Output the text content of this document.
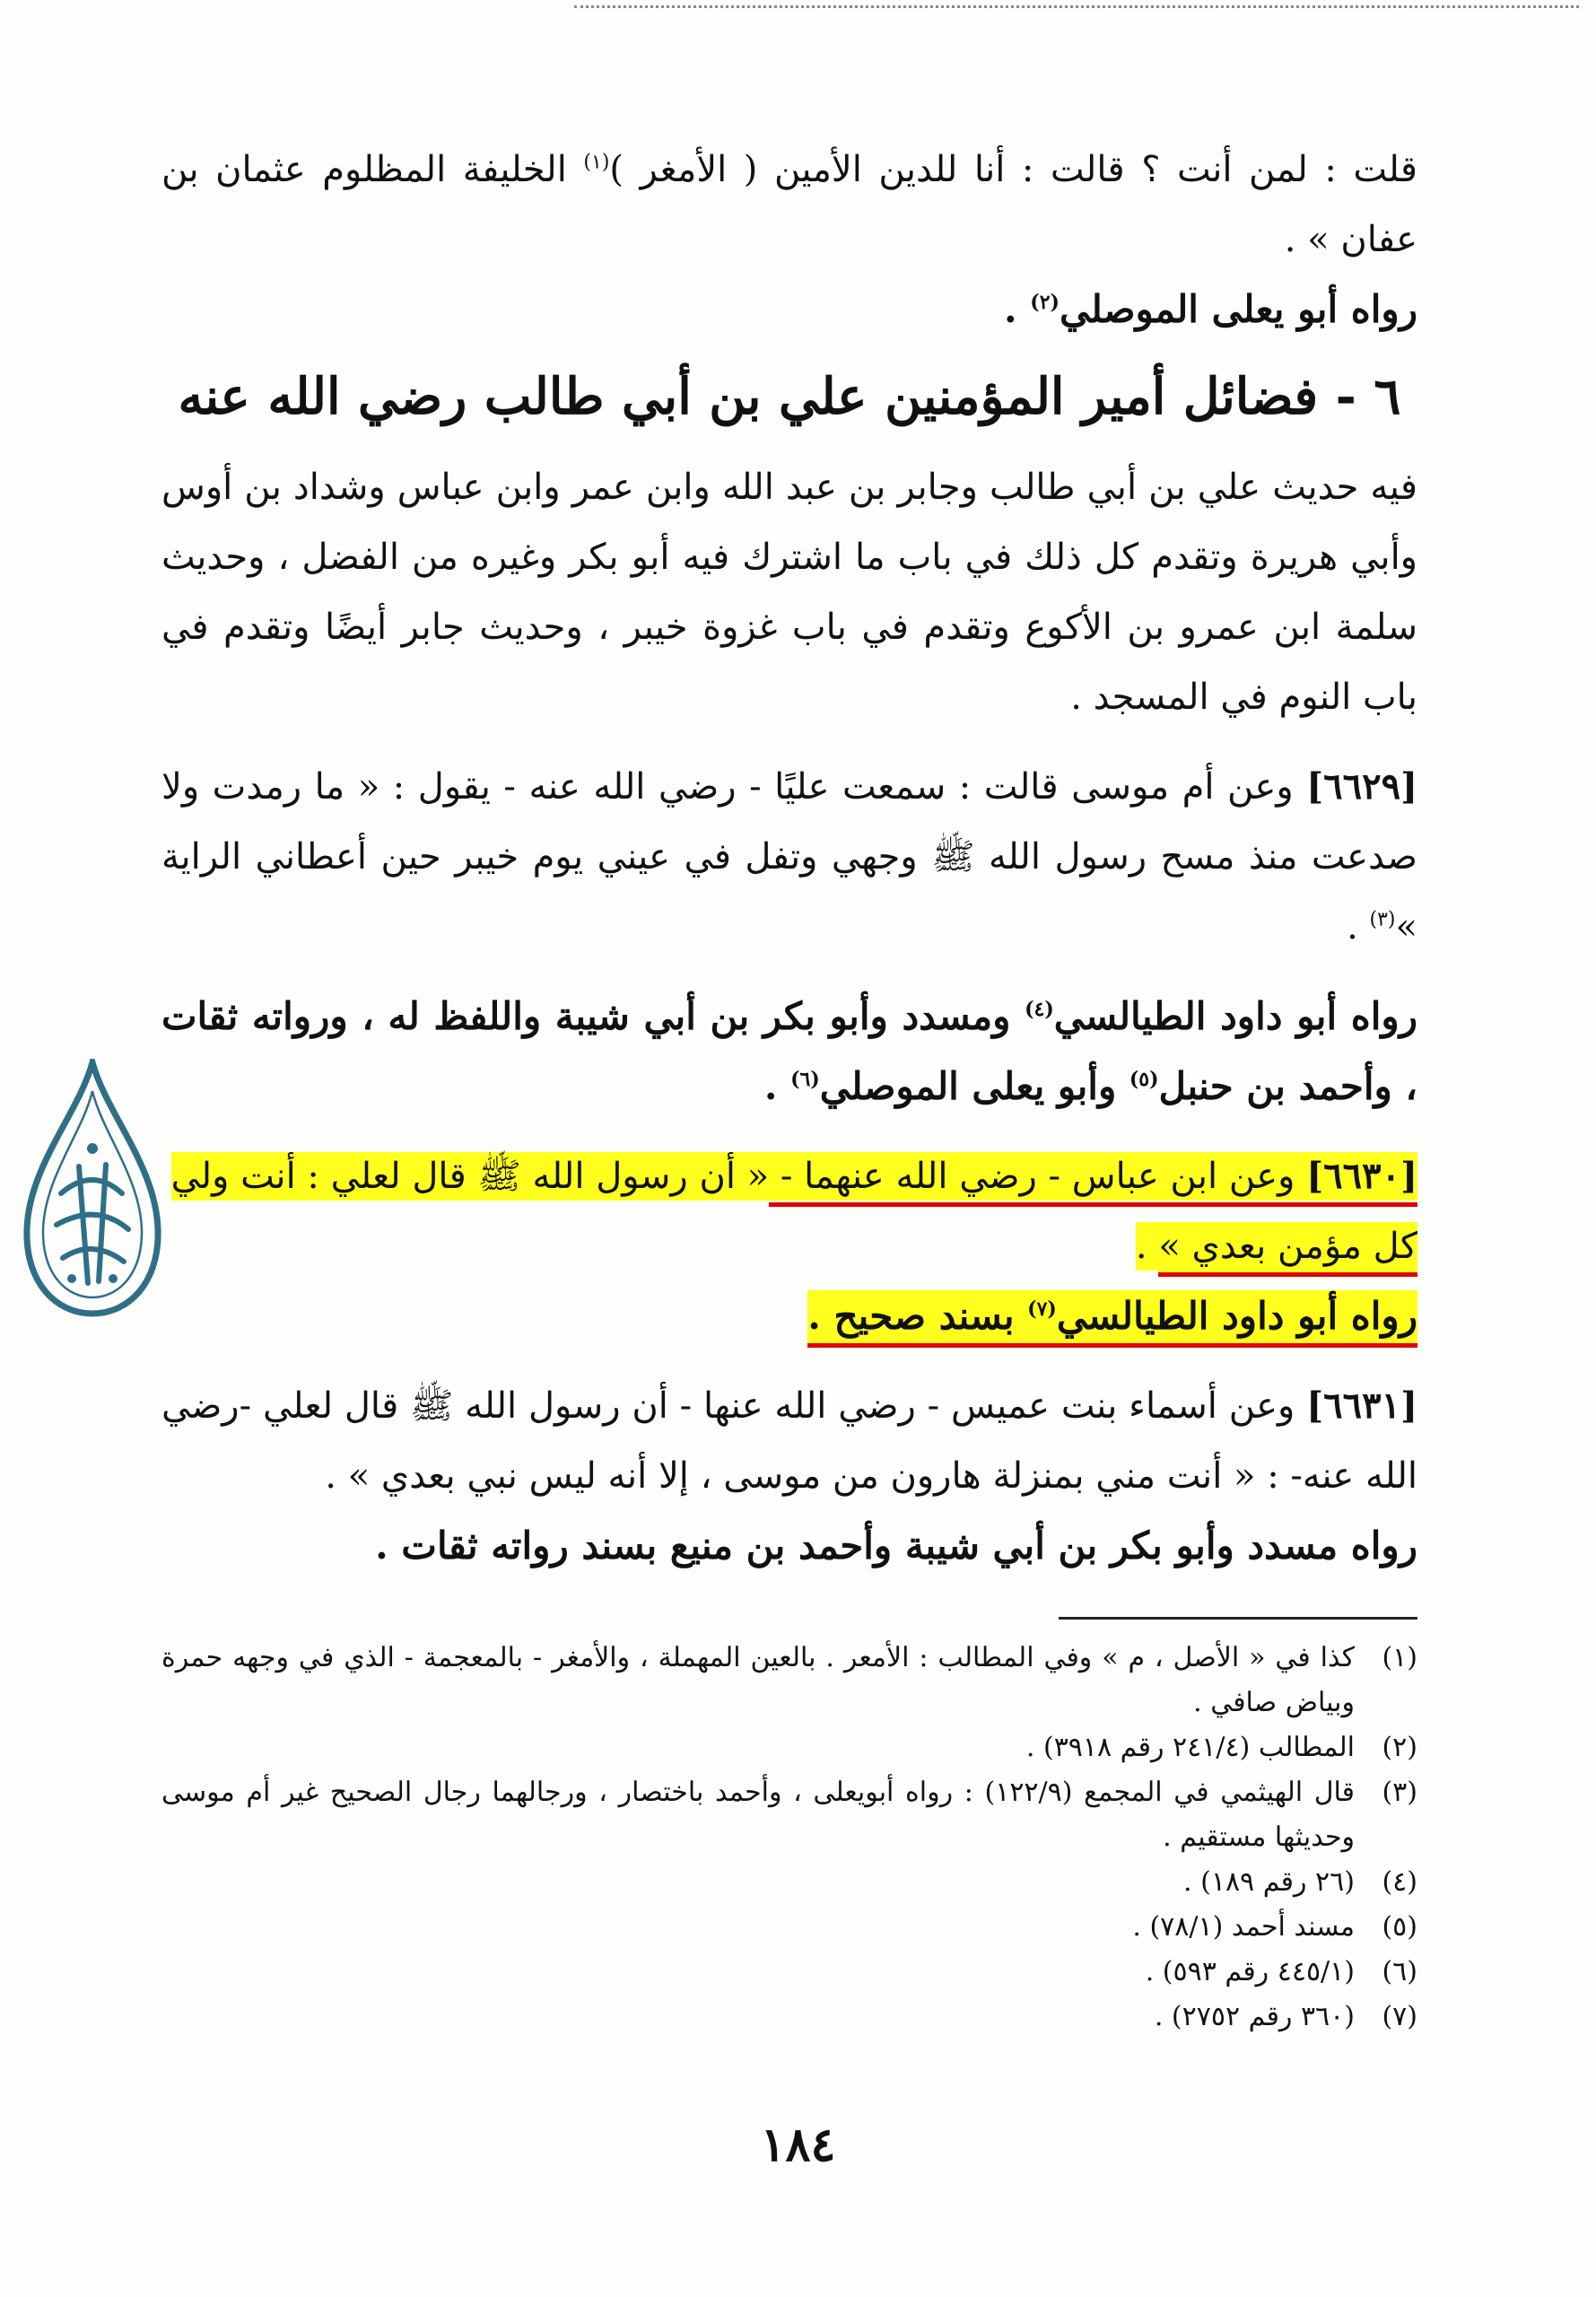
قلت : لمن أنت ؟ قالت : أنا للدين الأمين ( الأمغر )$^{(١)}$ الخليفة المظلوم عثمان بن عفان » .

رواه أبو يعلى الموصلي$^{(٢)}$ .

٦ - فضائل أمير المؤمنين علي بن أبي طالب رضي الله عنه

فيه حديث علي بن أبي طالب وجابر بن عبد الله وابن عمر وابن عباس وشداد بن أوس وأبي هريرة وتقدم كل ذلك في باب ما اشترك فيه أبو بكر وغيره من الفضل ، وحديث سلمة ابن عمرو بن الأكوع وتقدم في باب غزوة خيبر ، وحديث جابر أيضًا وتقدم في باب النوم في المسجد .

[٦٦٢٩] وعن أم موسى قالت : سمعت عليًا - رضي الله عنه - يقول : « ما رمدت ولا صدعت منذ مسح رسول الله ﷺ وجهي وتفل في عيني يوم خيبر حين أعطاني الراية »$^{(٣)}$ .

رواه أبو داود الطيالسي$^{(٤)}$ ومسدد وأبو بكر بن أبي شيبة واللفظ له ، ورواته ثقات ، وأحمد بن حنبل$^{(٥)}$ وأبو يعلى الموصلي$^{(٦)}$ .

[٦٦٣٠] وعن ابن عباس - رضي الله عنهما - « أن رسول الله ﷺ قال لعلي : أنت ولي
كل مؤمن بعدي » .

رواه أبو داود الطيالسي$^{(٧)}$ بسند صحيح .

[٦٦٣١] وعن أسماء بنت عميس - رضي الله عنها - أن رسول الله ﷺ قال لعلي -رضي الله عنه- : « أنت مني بمنزلة هارون من موسى ، إلا أنه ليس نبي بعدي » .

رواه مسدد وأبو بكر بن أبي شيبة وأحمد بن منيع بسند رواته ثقات .

(١)
كذا في « الأصل ، م » وفي المطالب : الأمعر . بالعين المهملة ، والأمغر - بالمعجمة - الذي في وجهه حمرة وبياض صافي .
(٢)
المطالب (٢٤١/٤ رقم ٣٩١٨) .
(٣)
قال الهيثمي في المجمع (١٢٢/٩) : رواه أبويعلى ، وأحمد باختصار ، ورجالهما رجال الصحيح غير أم موسى وحديثها مستقيم .
(٤)
(٢٦ رقم ١٨٩) .
(٥)
مسند أحمد (٧٨/١) .
(٦)
(٤٤٥/١ رقم ٥٩٣) .
(٧)
(٣٦٠ رقم ٢٧٥٢) .
١٨٤
